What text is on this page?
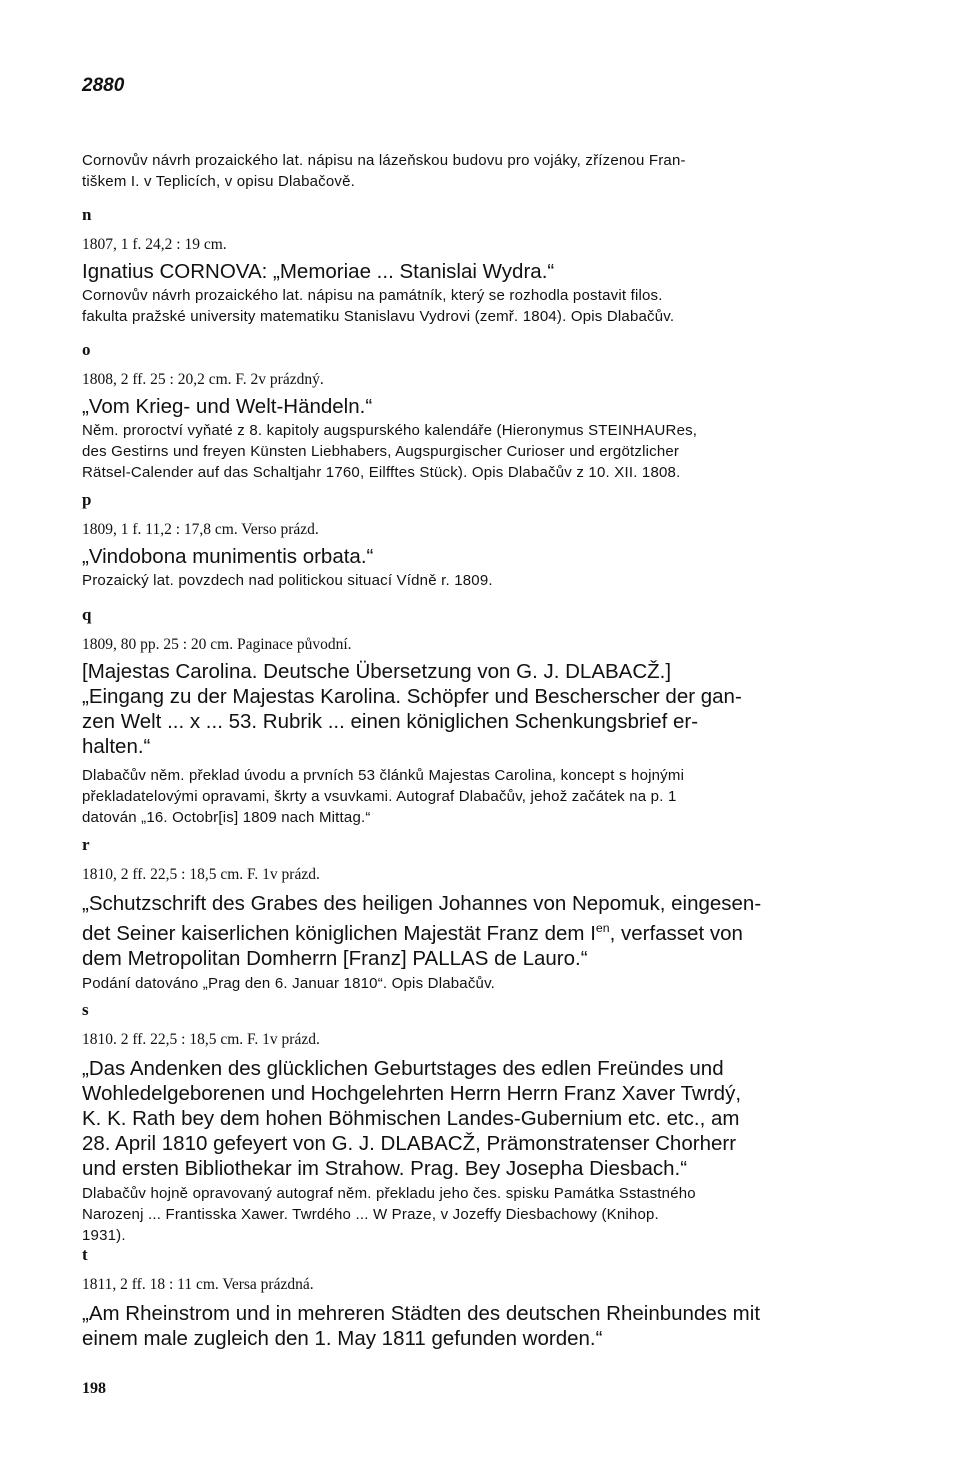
2880
Cornovův návrh prozaického lat. nápisu na lázeňskou budovu pro vojáky, zřízenou Fran-
tiškem I. v Teplicích, v opisu Dlabačově.
n
1807, 1 f. 24,2 : 19 cm.
Ignatius CORNOVA: „Memoriae ... Stanislai Wydra.“
Cornovův návrh prozaického lat. nápisu na památník, který se rozhodla postavit filos.
fakulta pražské university matematiku Stanislavu Vydrovi (zemř. 1804). Opis Dlabačův.
o
1808, 2 ff. 25 : 20,2 cm. F. 2v prázdný.
„Vom Krieg- und Welt-Händeln.“
Něm. proroctví vyňaté z 8. kapitoly augspurského kalendáře (Hieronymus STEINHAURes,
des Gestirns und freyen Künsten Liebhabers, Augspurgischer Curioser und ergötzlicher
Rätsel-Calender auf das Schaltjahr 1760, Eilfftes Stück). Opis Dlabačův z 10. XII. 1808.
p
1809, 1 f. 11,2 : 17,8 cm. Verso prázd.
„Vindobona munimentis orbata.“
Prozaický lat. povzdech nad politickou situací Vídně r. 1809.
q
1809, 80 pp. 25 : 20 cm. Paginace původní.
[Majestas Carolina. Deutsche Übersetzung von G. J. DLABACŽ.]
„Eingang zu der Majestas Karolina. Schöpfer und Bescherscher der gan-
zen Welt ... x ... 53. Rubrik ... einen königlichen Schenkungsbrief er-
halten.“
Dlabačův něm. překlad úvodu a prvních 53 článků Majestas Carolina, koncept s hojnými
překladatelovými opravami, škrty a vsuvkami. Autograf Dlabačův, jehož začátek na p. 1
datován „16. Octobr[is] 1809 nach Mittag.“
r
1810, 2 ff. 22,5 : 18,5 cm. F. 1v prázd.
„Schutzschrift des Grabes des heiligen Johannes von Nepomuk, eingesen-
det Seiner kaiserlichen königlichen Majestät Franz dem $I^{en}$, verfasset von
dem Metropolitan Domherrn [Franz] PALLAS de Lauro.“
Podání datováno „Prag den 6. Januar 1810“. Opis Dlabačův.
s
1810. 2 ff. 22,5 : 18,5 cm. F. 1v prázd.
„Das Andenken des glücklichen Geburtstages des edlen Freündes und
Wohledelgeborenen und Hochgelehrten Herrn Herrn Franz Xaver Twrdý,
K. K. Rath bey dem hohen Böhmischen Landes-Gubernium etc. etc., am
28. April 1810 gefeyert von G. J. DLABACŽ, Prämonstratenser Chorherr
und ersten Bibliothekar im Strahow. Prag. Bey Josepha Diesbach.“
Dlabačův hojně opravovaný autograf něm. překladu jeho čes. spisku Památka Sstastného
Narozenj ... Frantisska Xawer. Twrdého ... W Praze, v Jozeffy Diesbachowy (Knihop.
1931).
t
1811, 2 ff. 18 : 11 cm. Versa prázdná.
„Am Rheinstrom und in mehreren Städten des deutschen Rheinbundes mit
einem male zugleich den 1. May 1811 gefunden worden.“
198
